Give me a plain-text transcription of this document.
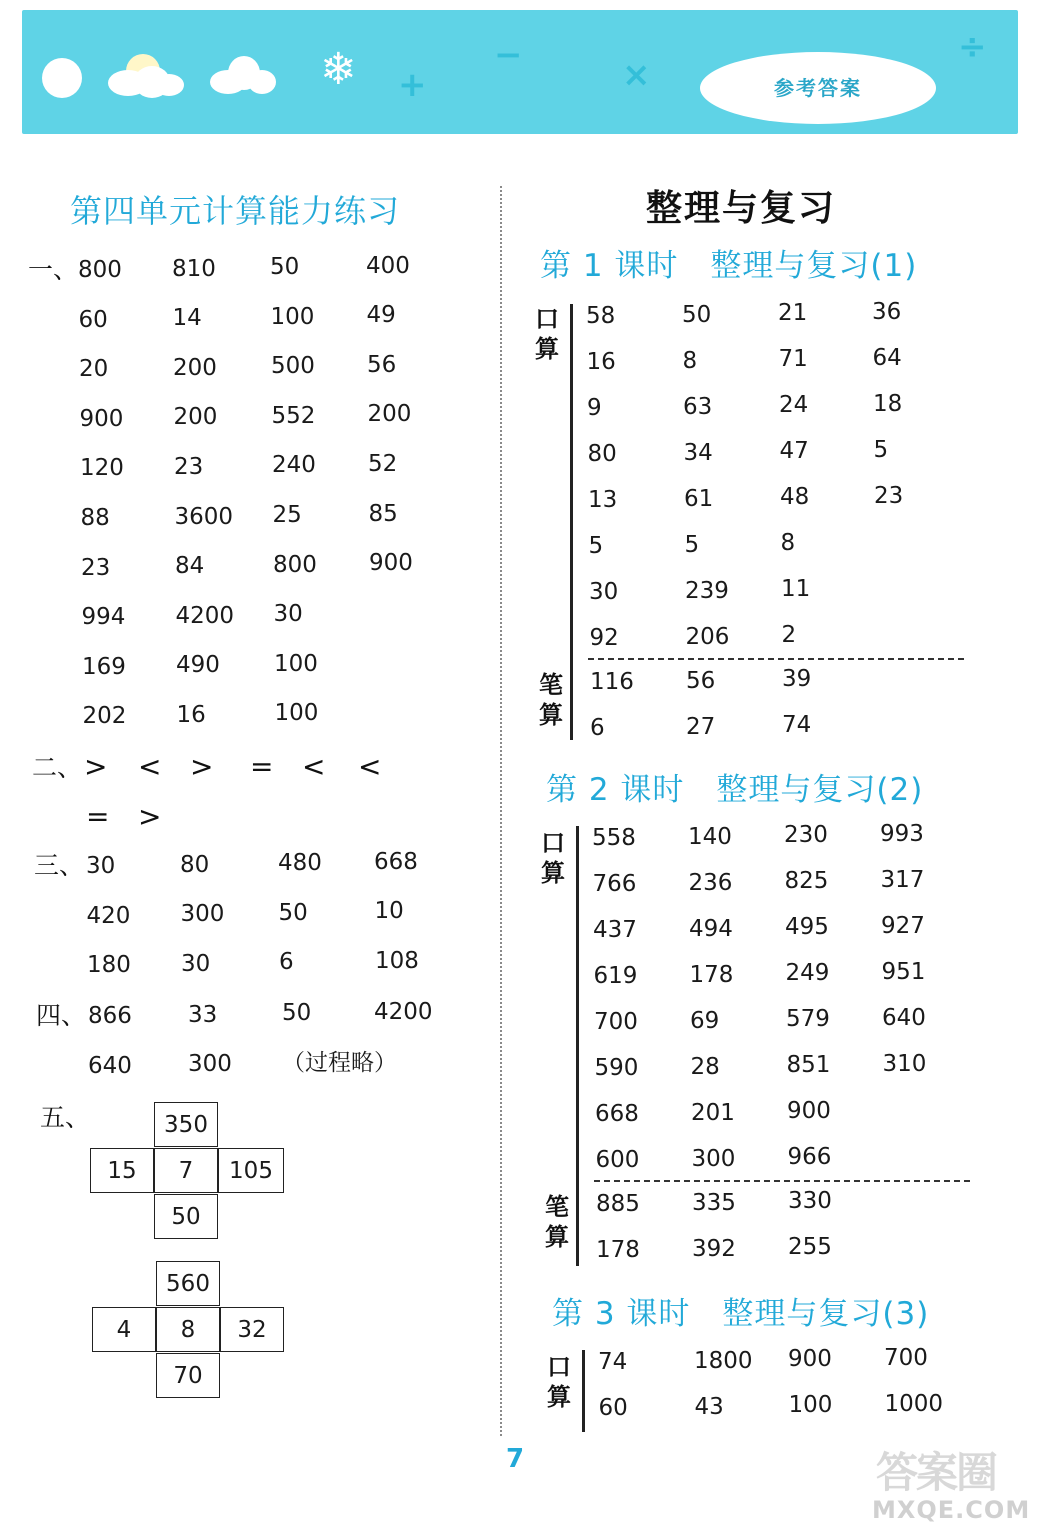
❄ +
−	×
÷
参考答案
第四单元计算能力练习
一、 800 810 50	400
60	14	100 49
20	200 500 56
900 200 552 200
120 23	240 52
88	3600 25	85
23	84	800 900
994 4200 30
169 490 100
202 16	100
二、 > < > = < <
= >
三、 30	80	480 668
420 300 50	10
180 30	6	108
四、 866 33	50	4200
640 300 （过程略）
五、	350
15	7	105
50
560
4	8	32
70
整理与复习
第 1 课时　整理与复习(1)
口
算
笔
算
58	50	21	36
16	8	71	64
9	63	24	18
80	34	47	5
13	61	48	23
5	5	8
30	239 11
92	206 2
116 56	39
6	27	74
第 2 课时　整理与复习(2)
口
算
笔
算
558 140 230 993
766 236 825 317
437 494 495 927
619 178 249 951
700 69	579 640
590 28	851 310
668 201 900
600 300 966
885 335 330
178 392 255
第 3 课时　整理与复习(3)
口
算
74	1800 900 700
60	43	100 1000
7	答案圈
MXQE.COM
